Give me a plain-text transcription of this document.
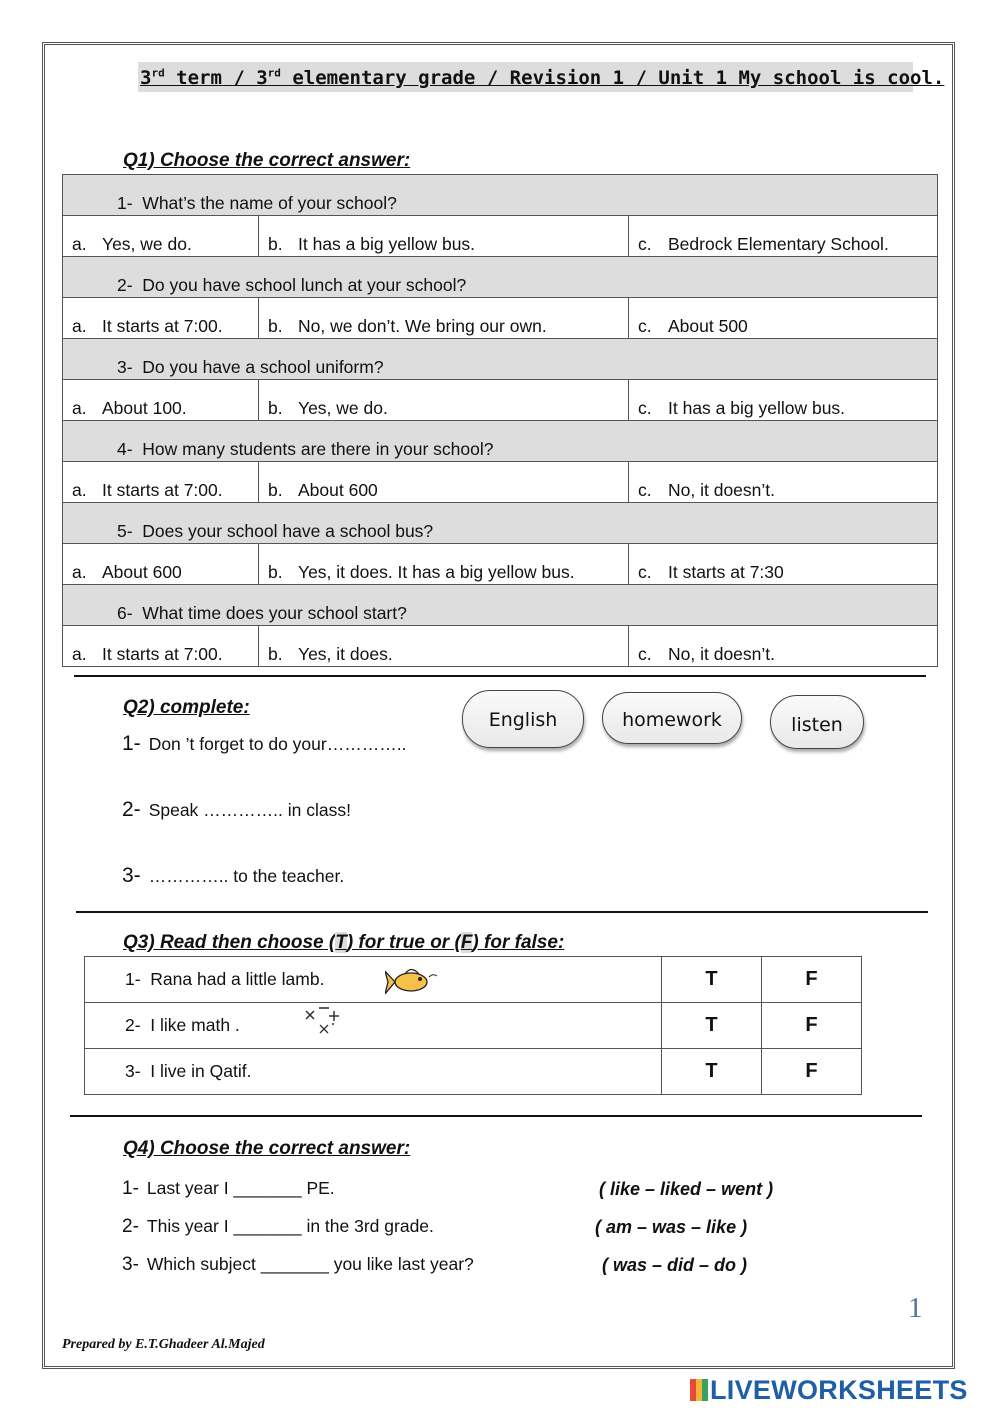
3rd term / 3rd elementary grade / Revision 1 / Unit 1 My school is cool.
Q1) Choose the correct answer:
1- What’s the name of your school?		
a. Yes, we do.	b. It has a big yellow bus.	c. Bedrock Elementary School.
2- Do you have school lunch at your school?		
a. It starts at 7:00.	b. No, we don’t. We bring our own.	c. About 500
3- Do you have a school uniform?		
a. About 100.	b. Yes, we do.	c. It has a big yellow bus.
4- How many students are there in your school?		
a. It starts at 7:00.	b. About 600	c. No, it doesn’t.
5- Does your school have a school bus?		
a. About 600	b. Yes, it does. It has a big yellow bus.	c. It starts at 7:30
6- What time does your school start?		
a. It starts at 7:00.	b. Yes, it does.	c. No, it doesn’t.
Q2) complete:
English	homework	listen
1- Don ’t forget to do your…………..
2- Speak ………….. in class!
3- ………….. to the teacher.
Q3) Read then choose (T) for true or (F) for false:
1- Rana had a little lamb.	T	F
2- I like math .	T	F
3- I live in Qatif.	T	F
Q4) Choose the correct answer:
1- Last year I _______ PE.	( like – liked – went )
2- This year I _______ in the 3rd grade.	( am – was – like )
3- Which subject _______ you like last year?	( was – did – do )
1
Prepared by E.T.Ghadeer Al.Majed
LIVEWORKSHEETS
